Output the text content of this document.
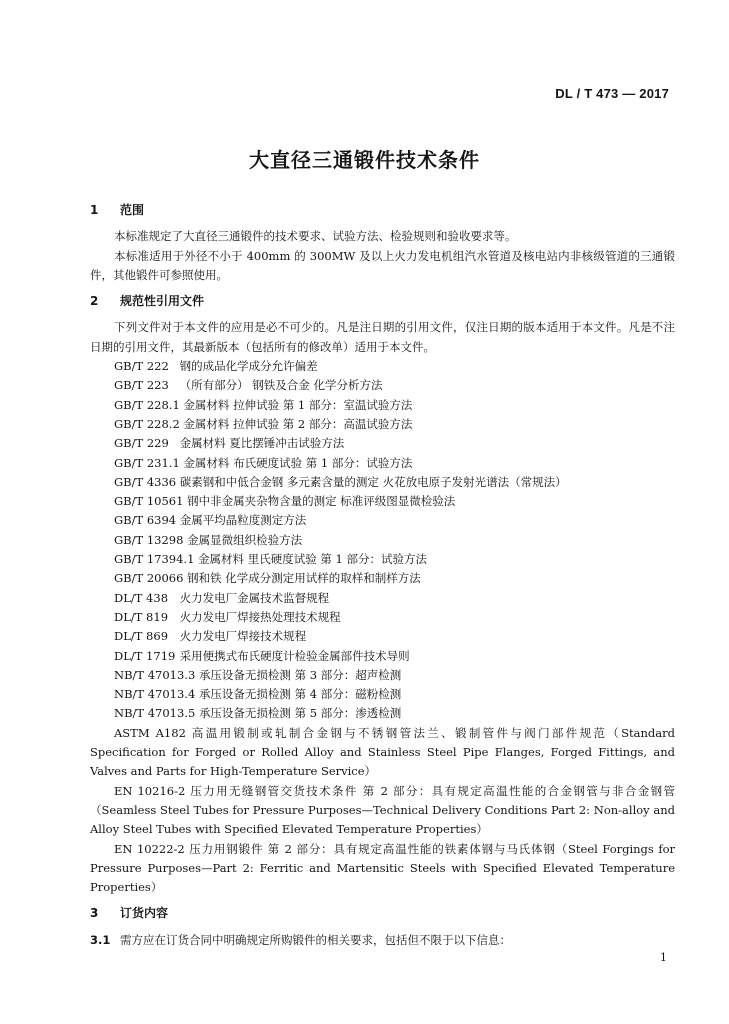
DL / T 473 — 2017
大直径三通锻件技术条件

1 范围

本标准规定了大直径三通锻件的技术要求、试验方法、检验规则和验收要求等。

本标准适用于外径不小于 400mm 的 300MW 及以上火力发电机组汽水管道及核电站内非核级管道的三通锻件，其他锻件可参照使用。

2 规范性引用文件

下列文件对于本文件的应用是必不可少的。凡是注日期的引用文件，仅注日期的版本适用于本文件。凡是不注日期的引用文件，其最新版本（包括所有的修改单）适用于本文件。

GB/T 222 钢的成品化学成分允许偏差

GB/T 223 （所有部分） 钢铁及合金 化学分析方法

GB/T 228.1 金属材料 拉伸试验 第 1 部分：室温试验方法

GB/T 228.2 金属材料 拉伸试验 第 2 部分：高温试验方法

GB/T 229 金属材料 夏比摆锤冲击试验方法

GB/T 231.1 金属材料 布氏硬度试验 第 1 部分：试验方法

GB/T 4336 碳素钢和中低合金钢 多元素含量的测定 火花放电原子发射光谱法（常规法）

GB/T 10561 钢中非金属夹杂物含量的测定 标准评级图显微检验法

GB/T 6394 金属平均晶粒度测定方法

GB/T 13298 金属显微组织检验方法

GB/T 17394.1 金属材料 里氏硬度试验 第 1 部分：试验方法

GB/T 20066 钢和铁 化学成分测定用试样的取样和制样方法

DL/T 438 火力发电厂金属技术监督规程

DL/T 819 火力发电厂焊接热处理技术规程

DL/T 869 火力发电厂焊接技术规程

DL/T 1719 采用便携式布氏硬度计检验金属部件技术导则

NB/T 47013.3 承压设备无损检测 第 3 部分：超声检测

NB/T 47013.4 承压设备无损检测 第 4 部分：磁粉检测

NB/T 47013.5 承压设备无损检测 第 5 部分：渗透检测

ASTM A182 高温用锻制或轧制合金钢与不锈钢管法兰、锻制管件与阀门部件规范（Standard Specification for Forged or Rolled Alloy and Stainless Steel Pipe Flanges, Forged Fittings, and Valves and Parts for High-Temperature Service）

EN 10216-2 压力用无缝钢管交货技术条件 第 2 部分：具有规定高温性能的合金钢管与非合金钢管（Seamless Steel Tubes for Pressure Purposes—Technical Delivery Conditions Part 2: Non-alloy and Alloy Steel Tubes with Specified Elevated Temperature Properties）

EN 10222-2 压力用钢锻件 第 2 部分：具有规定高温性能的铁素体钢与马氏体钢（Steel Forgings for Pressure Purposes—Part 2: Ferritic and Martensitic Steels with Specified Elevated Temperature Properties）

3 订货内容

3.1 需方应在订货合同中明确规定所购锻件的相关要求，包括但不限于以下信息：

1
